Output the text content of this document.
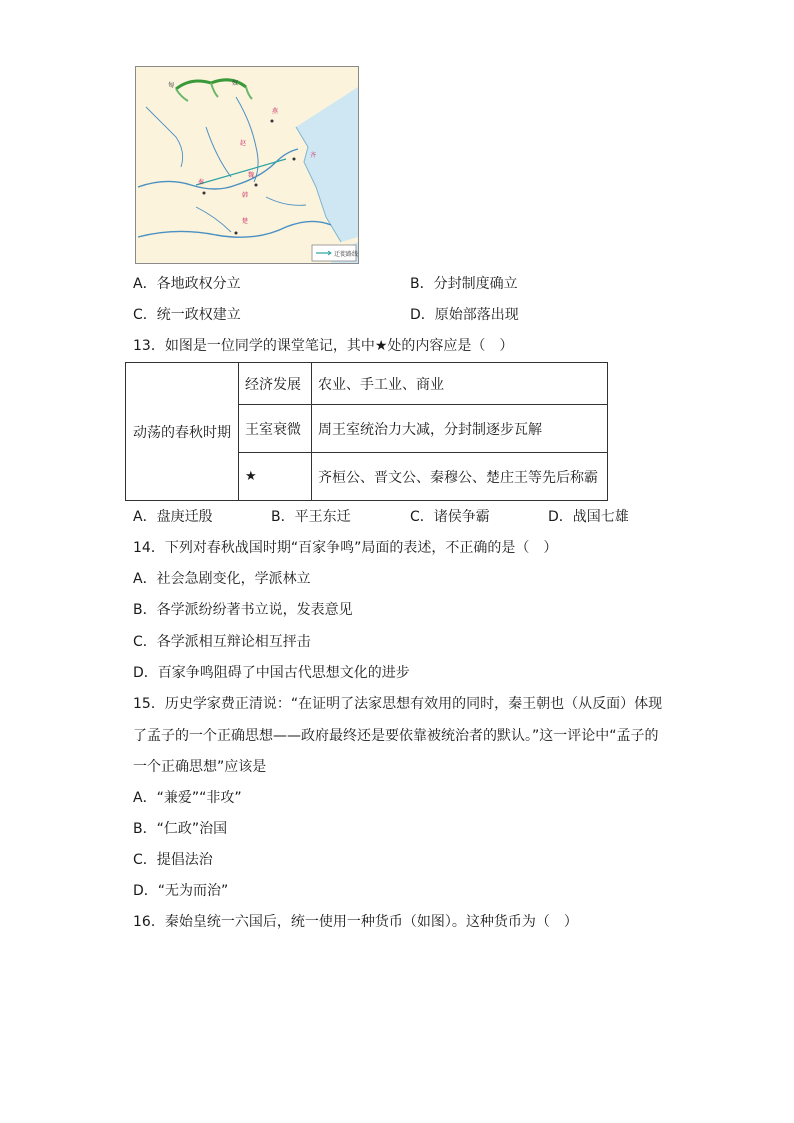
匈	奴
燕
赵
齐
秦
魏
韩
楚
迁徙路线
A．各地政权分立	B．分封制度确立
C．统一政权建立	D．原始部落出现
13．如图是一位同学的课堂笔记，其中★处的内容应是（　）
动荡的春秋时期	经济发展	农业、手工业、商业
	王室衰微	周王室统治力大减，分封制逐步瓦解
	★	齐桓公、晋文公、秦穆公、楚庄王等先后称霸
A．盘庚迁殷	B．平王东迁	C．诸侯争霸	D．战国七雄
14．下列对春秋战国时期“百家争鸣”局面的表述，不正确的是（　）
A．社会急剧变化，学派林立
B．各学派纷纷著书立说，发表意见
C．各学派相互辩论相互抨击
D．百家争鸣阻碍了中国古代思想文化的进步
15．历史学家费正清说：“在证明了法家思想有效用的同时，秦王朝也（从反面）体现
了孟子的一个正确思想——政府最终还是要依靠被统治者的默认。”这一评论中“孟子的
一个正确思想”应该是
A．“兼爱”“非攻”
B．“仁政”治国
C．提倡法治
D．“无为而治”
16．秦始皇统一六国后，统一使用一种货币（如图）。这种货币为（　）
